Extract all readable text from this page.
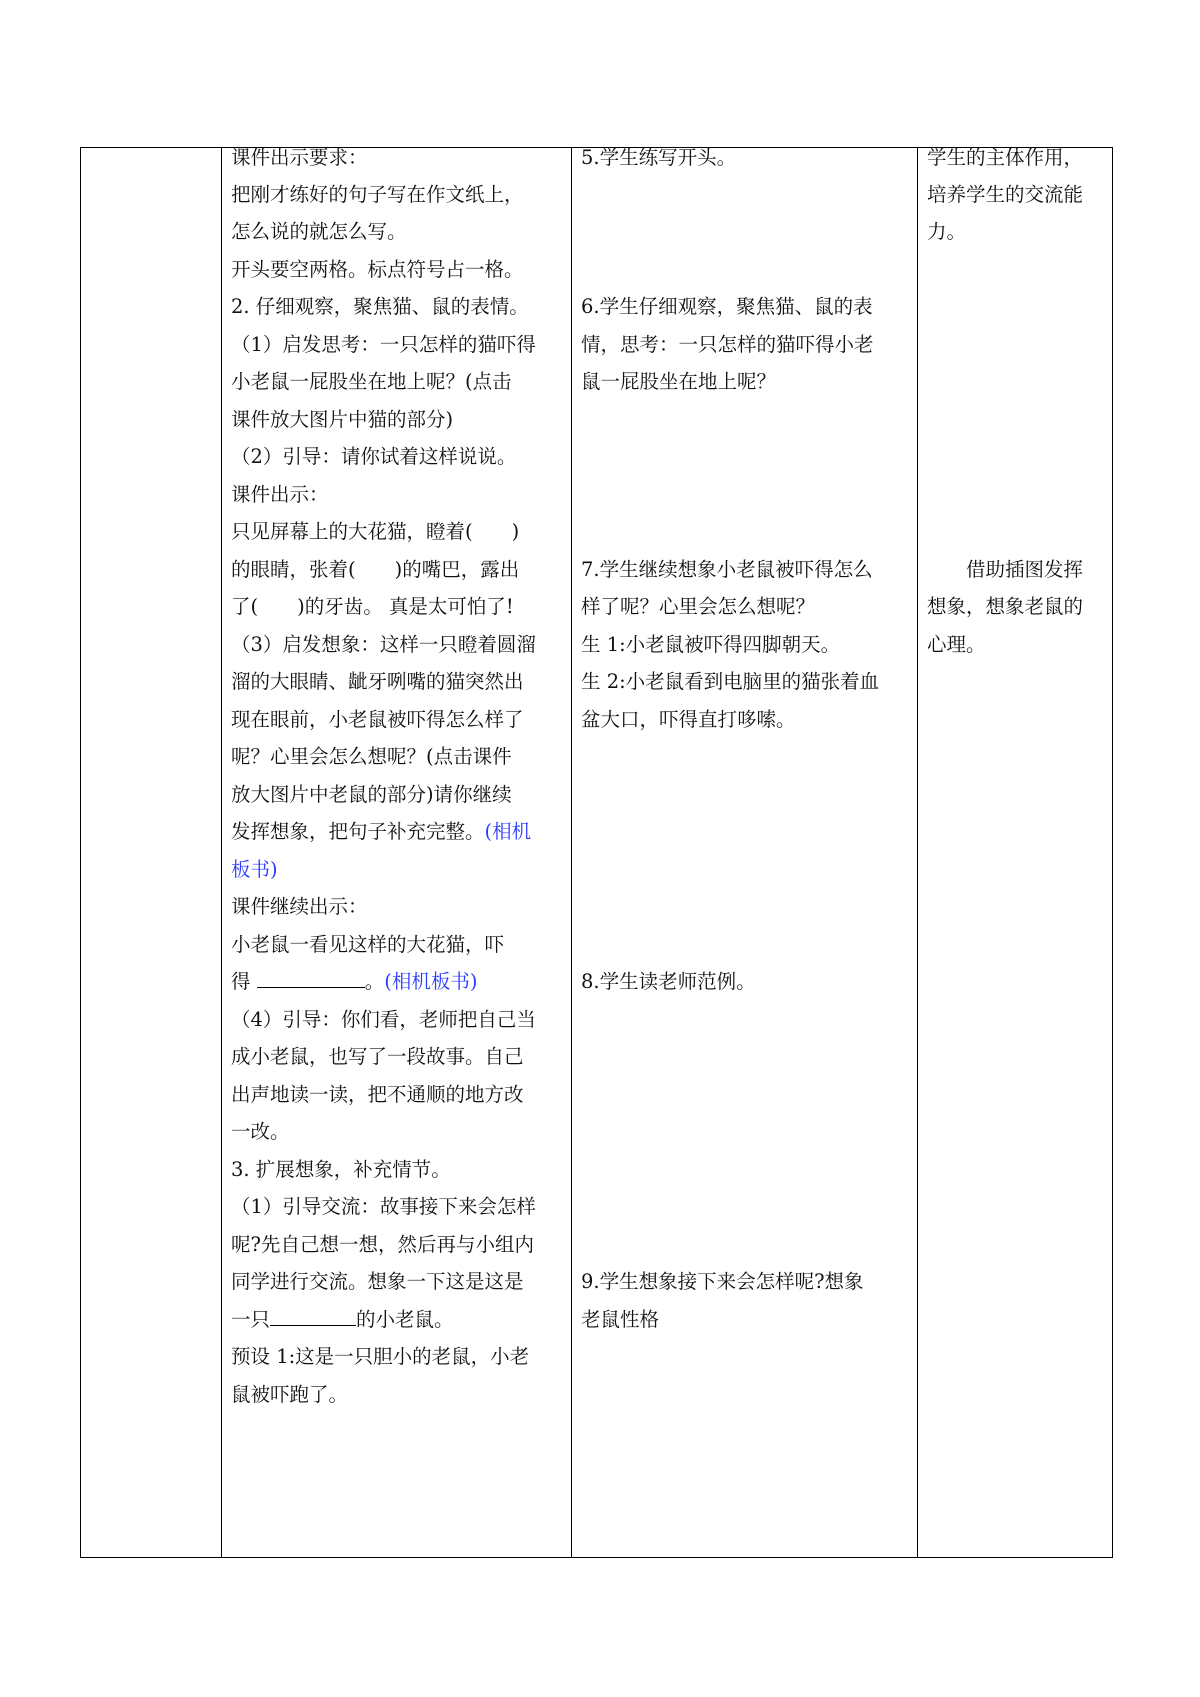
课件出示要求：
把刚才练好的句子写在作文纸上，
怎么说的就怎么写。
开头要空两格。标点符号占一格。
2. 仔细观察，聚焦猫、鼠的表情。
（1）启发思考：一只怎样的猫吓得
小老鼠一屁股坐在地上呢？(点击
课件放大图片中猫的部分)
（2）引导：请你试着这样说说。
课件出示：
只见屏幕上的大花猫，瞪着(　　)
的眼睛，张着(　　)的嘴巴，露出
了(　　)的牙齿。 真是太可怕了!
（3）启发想象：这样一只瞪着圆溜
溜的大眼睛、龇牙咧嘴的猫突然出
现在眼前，小老鼠被吓得怎么样了
呢？心里会怎么想呢？(点击课件
放大图片中老鼠的部分)请你继续
发挥想象，把句子补充完整。(相机
板书)
课件继续出示：
小老鼠一看见这样的大花猫，吓
得	。(相机板书)
（4）引导：你们看，老师把自己当
成小老鼠，也写了一段故事。自己
出声地读一读，把不通顺的地方改
一改。
3. 扩展想象，补充情节。
（1）引导交流：故事接下来会怎样
呢?先自己想一想，然后再与小组内
同学进行交流。想象一下这是这是
一只	的小老鼠。
预设 1:这是一只胆小的老鼠，小老
鼠被吓跑了。
5.学生练写开头。
6.学生仔细观察，聚焦猫、鼠的表
情，思考：一只怎样的猫吓得小老
鼠一屁股坐在地上呢？
7.学生继续想象小老鼠被吓得怎么
样了呢？心里会怎么想呢？
生 1:小老鼠被吓得四脚朝天。
生 2:小老鼠看到电脑里的猫张着血
盆大口，吓得直打哆嗦。
8.学生读老师范例。
9.学生想象接下来会怎样呢?想象
老鼠性格
学生的主体作用，
培养学生的交流能
力。
　　借助插图发挥
想象，想象老鼠的
心理。
